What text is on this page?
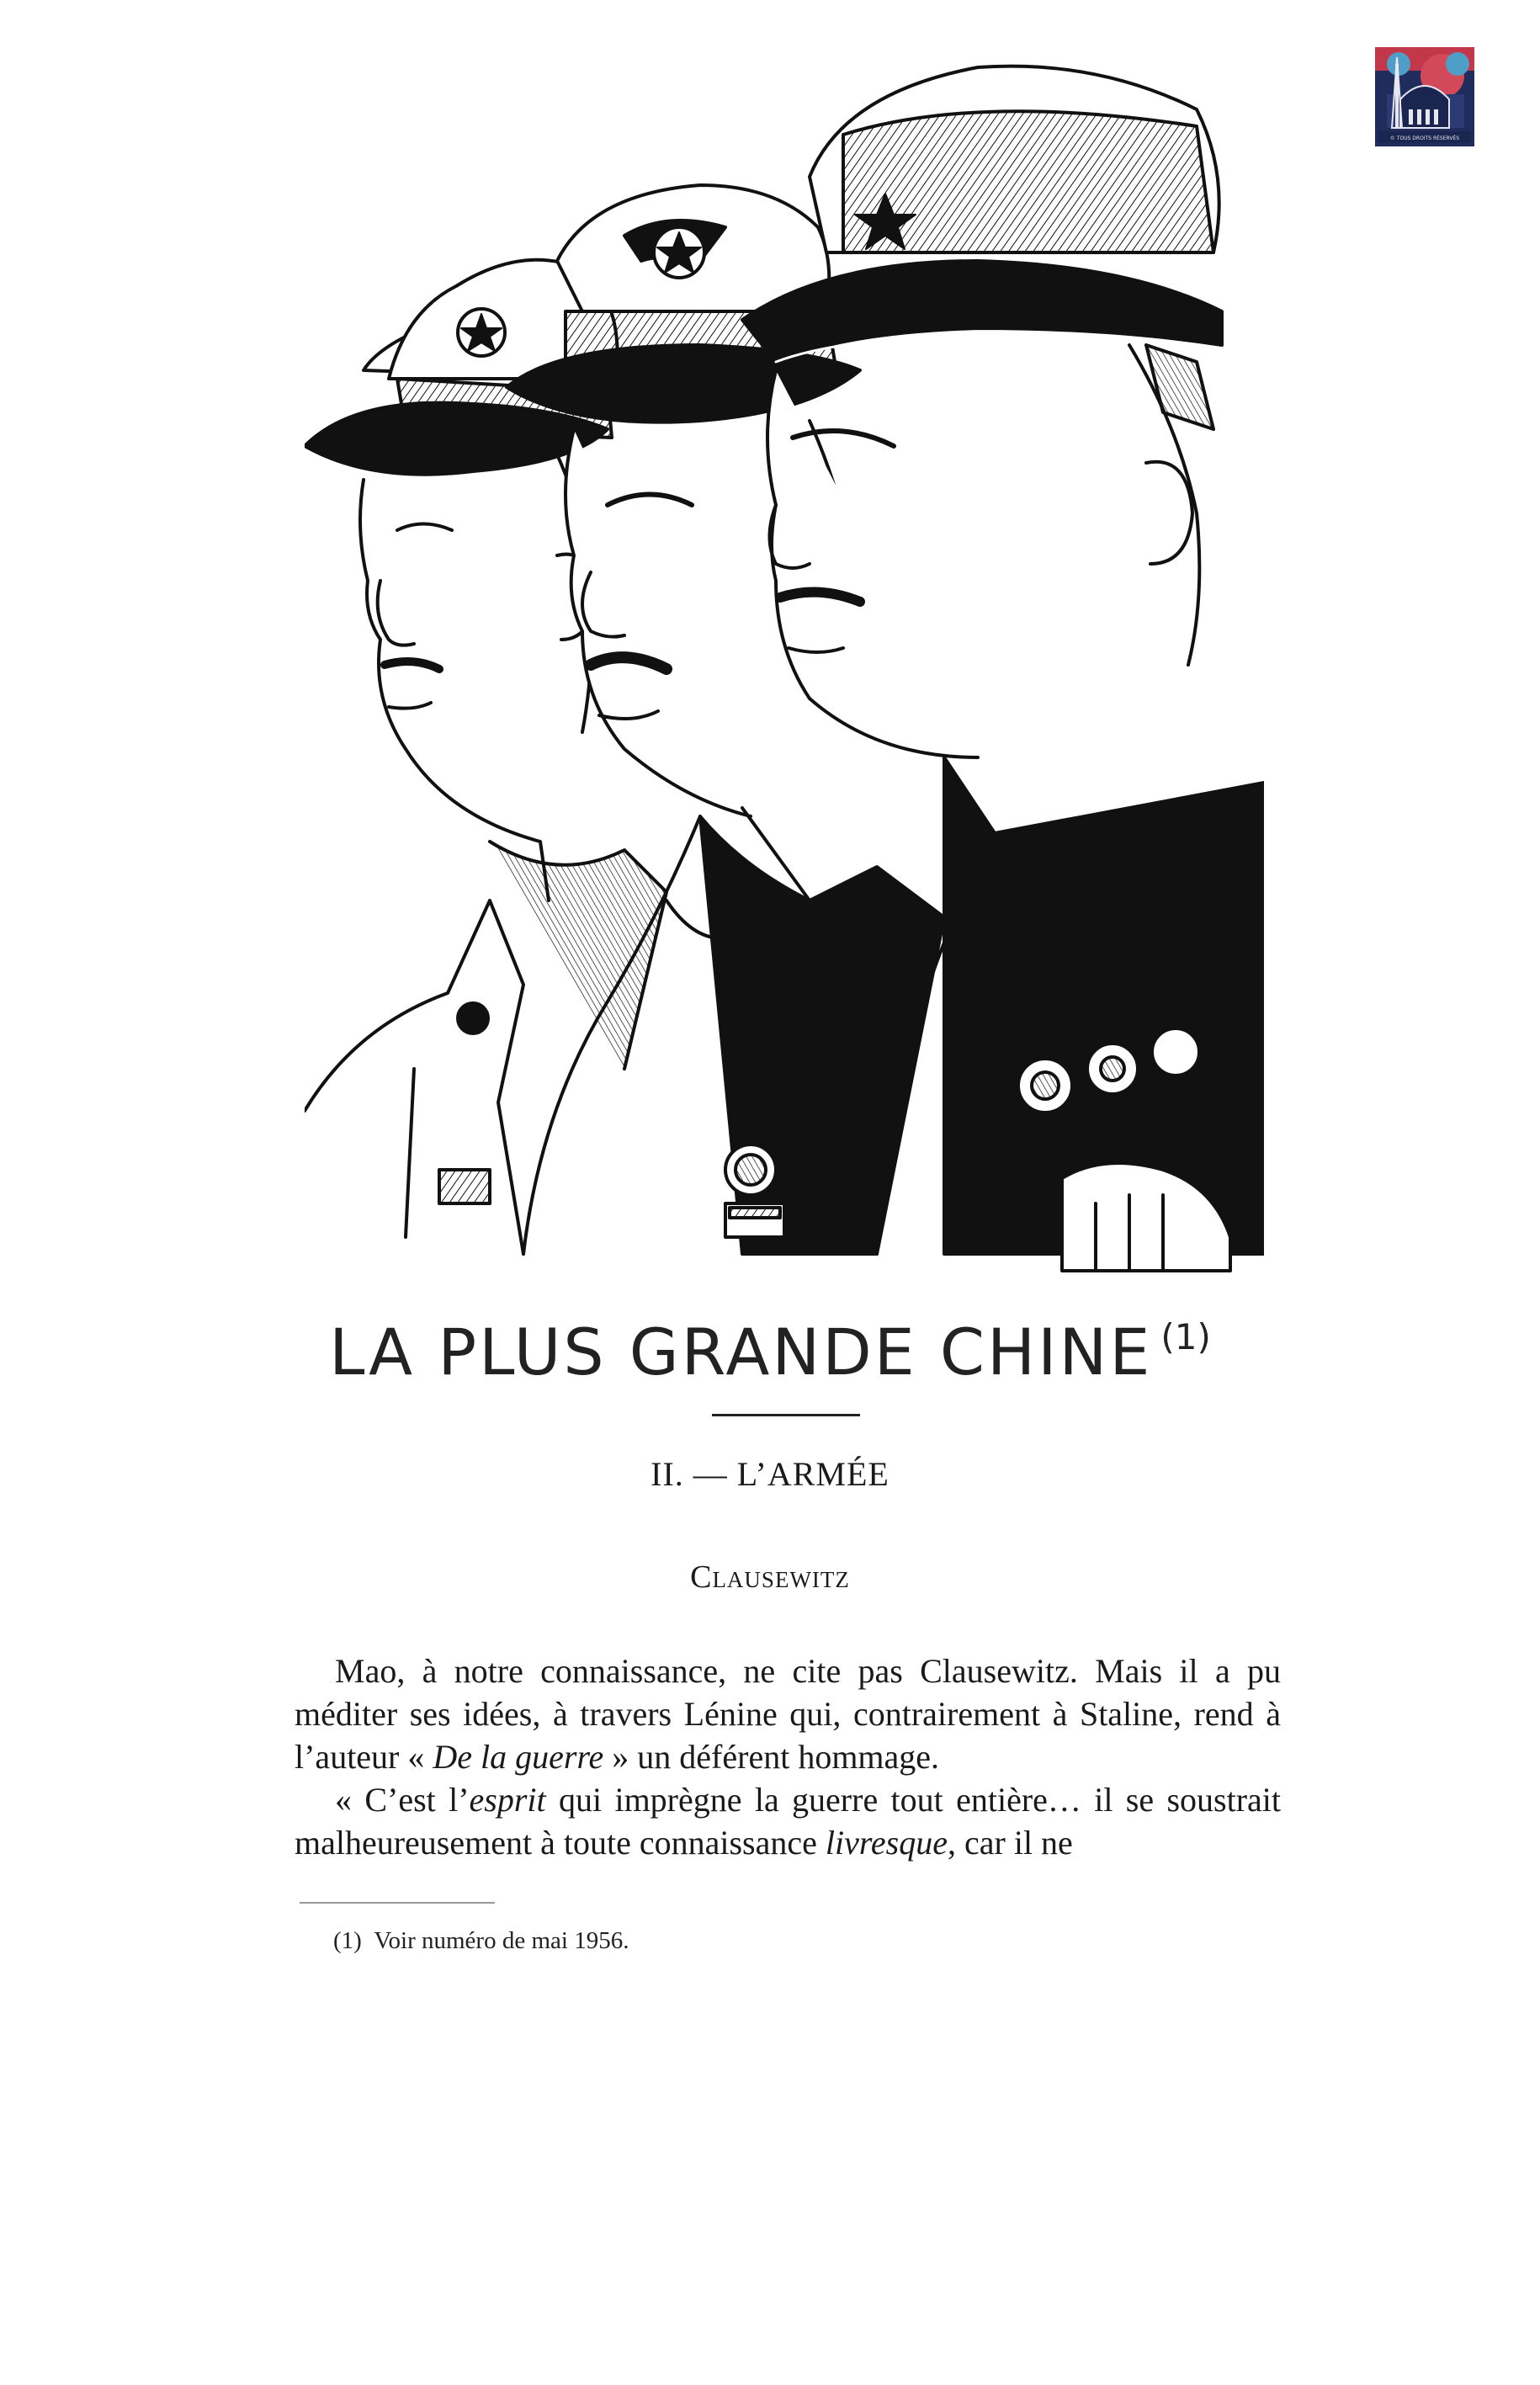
© TOUS DROITS RÉSERVÉS
LA PLUS GRANDE CHINE $^{(1)}$
II. — L’ARMÉE
Clausewitz

Mao, à notre connaissance, ne cite pas Clausewitz. Mais il a pu méditer ses idées, à travers Lénine qui, contrairement à Staline, rend à l’auteur « De la guerre » un déférent hommage.

« C’est l’esprit qui imprègne la guerre tout entière… il se soustrait malheureusement à toute connaissance livresque, car il ne

(1) Voir numéro de mai 1956.
